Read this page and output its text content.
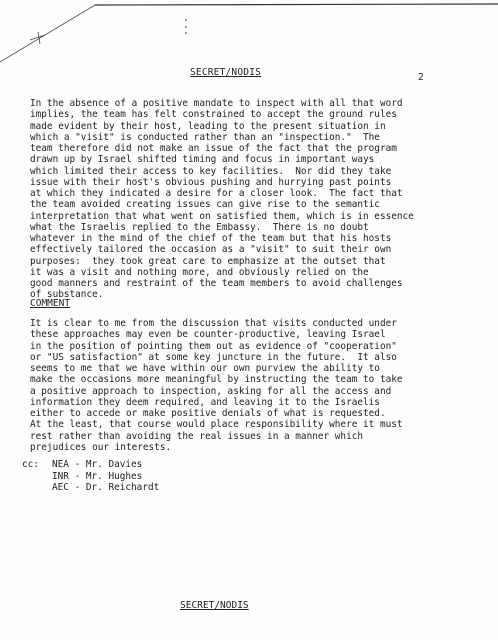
SECRET/NODIS	2
In the absence of a positive mandate to inspect with all that word
implies, the team has felt constrained to accept the ground rules
made evident by their host, leading to the present situation in
which a "visit" is conducted rather than an "inspection."  The
team therefore did not make an issue of the fact that the program
drawn up by Israel shifted timing and focus in important ways
which limited their access to key facilities.  Nor did they take
issue with their host's obvious pushing and hurrying past points
at which they indicated a desire for a closer look.  The fact that
the team avoided creating issues can give rise to the semantic
interpretation that what went on satisfied them, which is in essence
what the Israelis replied to the Embassy.  There is no doubt
whatever in the mind of the chief of the team but that his hosts
effectively tailored the occasion as a "visit" to suit their own
purposes:  they took great care to emphasize at the outset that
it was a visit and nothing more, and obviously relied on the
good manners and restraint of the team members to avoid challenges
of substance.
COMMENT
It is clear to me from the discussion that visits conducted under
these approaches may even be counter-productive, leaving Israel
in the position of pointing them out as evidence of "cooperation"
or "US satisfaction" at some key juncture in the future.  It also
seems to me that we have within our own purview the ability to
make the occasions more meaningful by instructing the team to take
a positive approach to inspection, asking for all the access and
information they deem required, and leaving it to the Israelis
either to accede or make positive denials of what is requested.
At the least, that course would place responsibility where it must
rest rather than avoiding the real issues in a manner which
prejudices our interests.
cc: NEA - Mr. Davies
INR - Mr. Hughes
AEC - Dr. Reichardt
SECRET/NODIS
